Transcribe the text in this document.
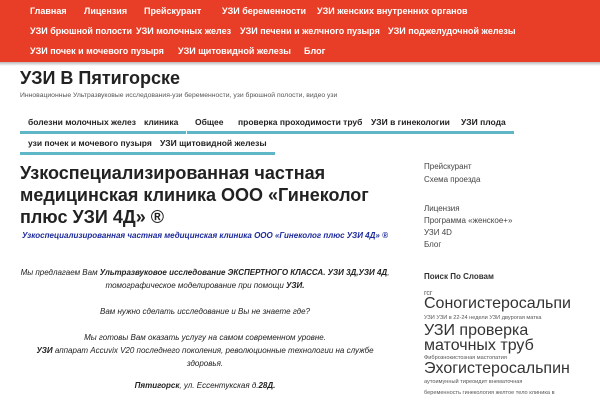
Главная Лицензия Прейскурант УЗИ беременности УЗИ женских внутренних органов
УЗИ брюшной полости УЗИ молочных желез УЗИ печени и желчного пузыря УЗИ поджелудочной железы
УЗИ почек и мочевого пузыря УЗИ щитовидной железы Блог
УЗИ В Пятигорске
Инновационные Ультразвуковые исследования-узи беременности, узи брюшной полости, видео узи
болезни молочных желез клиника	Общее	проверка проходимости труб	УЗИ в гинекологии	УЗИ плода
узи почек и мочевого пузыря УЗИ щитовидной железы
Узкоспециализированная частная медицинская клиника ООО «Гинеколог плюс УЗИ 4Д» ®

Узкоспециализированная частная медицинская клиника ООО «Гинеколог плюс УЗИ 4Д» ®

Мы предлагаем Вам Ультразвуковое исследование ЭКСПЕРТНОГО КЛАССА. УЗИ 3Д,УЗИ 4Д, томографическое моделирование при помощи УЗИ.

Вам нужно сделать исследование и Вы не знаете где?

Мы готовы Вам оказать услугу на самом современном уровне.
УЗИ аппарат Accuvix V20 последнего поколения, революционные технологии на службе здоровья.

Пятигорск, ул. Ессентукская д.28Д.

Прейскурант
Схема проезда
Лицензия
Программа «женское+»
УЗИ 4D
Блог
Поиск По Словам
гсг
Соногистеросальпи
УЗИ УЗИ в 22-24 недели УЗИ двурогая матка
УЗИ проверка
маточных труб
Фибрознокистозная мастопатия
Эхогистеросальпин
аутоимунный тиреоидит внематочная
беременность гинекология желтое тело клиника в
